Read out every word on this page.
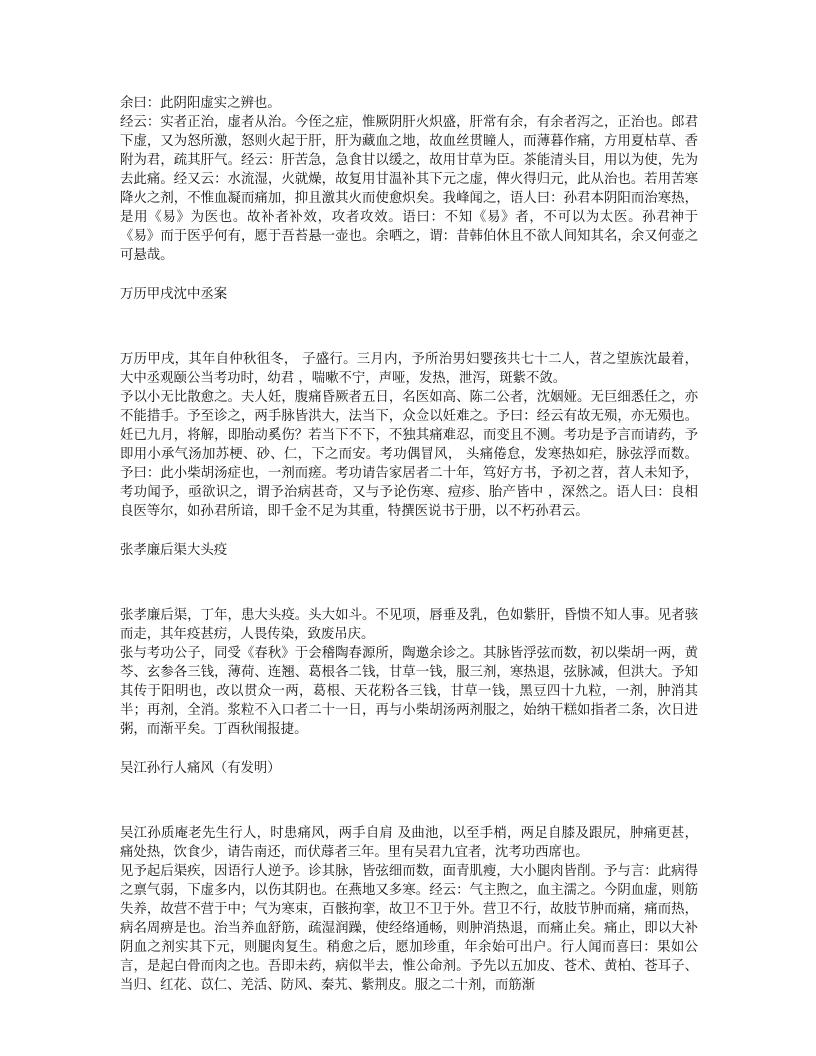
余曰：此阴阳虚实之辨也。

经云：实者正治，虚者从治。今侄之症，惟厥阴肝火炽盛，肝常有余，有余者泻之，正治也。郎君下虚，又为怒所激，怒则火起于肝，肝为藏血之地，故血丝贯瞳人，而薄暮作痛，方用夏枯草、香附为君，疏其肝气。经云：肝苦急，急食甘以缓之，故用甘草为臣。茶能清头目，用以为使，先为去此痛。经又云：水流湿，火就燥，故复用甘温补其下元之虚，俾火得归元，此从治也。若用苦寒降火之剂，不惟血凝而痛加，抑且激其火而使愈炽矣。我峰闻之，语人曰：孙君本阴阳而治寒热，是用《易》为医也。故补者补效，攻者攻效。语曰：不知《易》者，不可以为太医。孙君神于《易》而于医乎何有，愿于吾苔悬一壶也。余哂之，谓：昔韩伯休且不欲人间知其名，余又何壶之可悬哉。

万历甲戌沈中丞案

万历甲戌，其年自仲秋徂冬， 子盛行。三月内，予所治男妇婴孩共七十二人，苕之望族沈最着，大中丞观颐公当考功时，幼君 ，喘嗽不宁，声哑，发热，泄泻，斑紫不敛。

予以小无比散愈之。夫人妊，腹痛昏厥者五日，名医如高、陈二公者，沈姻娅。无巨细悉任之，亦不能措手。予至诊之，两手脉皆洪大，法当下，众佥以妊难之。予曰：经云有故无殒，亦无殒也。妊已九月，将解，即胎动奚伤？若当下不下，不独其痛难忍，而变且不测。考功是予言而请药，予即用小承气汤加苏梗、砂、仁，下之而安。考功偶冒风， 头痛倦怠，发寒热如疟，脉弦浮而数。予曰：此小柴胡汤症也，一剂而瘥。考功请告家居者二十年，笃好方书，予初之苕，苕人未知予，考功闻予，亟欲识之，谓予治病甚奇，又与予论伤寒、痘疹、胎产皆中 ，深然之。语人曰：良相良医等尔，如孙君所谙，即千金不足为其重，特撰医说书于册，以不朽孙君云。

张孝廉后渠大头疫

张孝廉后渠，丁年，患大头疫。头大如斗。不见项，唇垂及乳，色如紫肝，昏愦不知人事。见者骇而走，其年疫甚疠，人畏传染，致废吊庆。

张与考功公子，同受《春秋》于会稽陶春源所，陶邀余诊之。其脉皆浮弦而数，初以柴胡一两，黄芩、玄参各三钱，薄荷、连翘、葛根各二钱，甘草一钱，服三剂，寒热退，弦脉减，但洪大。予知其传于阳明也，改以贯众一两，葛根、天花粉各三钱，甘草一钱，黑豆四十九粒，一剂，肿消其半；再剂，全消。浆粒不入口者二十一日，再与小柴胡汤两剂服之，始纳干糕如指者二条，次日进粥，而渐平矣。丁酉秋闱报捷。

吴江孙行人痛风（有发明）

吴江孙质庵老先生行人，时患痛风，两手自肩 及曲池，以至手梢，两足自膝及跟尻，肿痛更甚，痛处热，饮食少，请告南还，而伏蓐者三年。里有吴君九宜者，沈考功西席也。

见予起后渠疾，因语行人逆予。诊其脉，皆弦细而数，面青肌瘦，大小腿肉皆削。予与言：此病得之禀气弱，下虚多内，以伤其阴也。在燕地又多寒。经云：气主煦之，血主濡之。今阴血虚，则筋失养，故营不营于中；气为寒束，百骸拘挛，故卫不卫于外。营卫不行，故肢节肿而痛，痛而热，病名周痹是也。治当养血舒筋，疏湿润躁，使经络通畅，则肿消热退，而痛止矣。痛止，即以大补阴血之剂实其下元，则腿肉复生。稍愈之后，愿加珍重，年余始可出户。行人闻而喜曰：果如公言，是起白骨而肉之也。吾即未药，病似半去，惟公命剂。予先以五加皮、苍术、黄柏、苍耳子、当归、红花、苡仁、羌活、防风、秦艽、紫荆皮。服之二十剂，而筋渐
